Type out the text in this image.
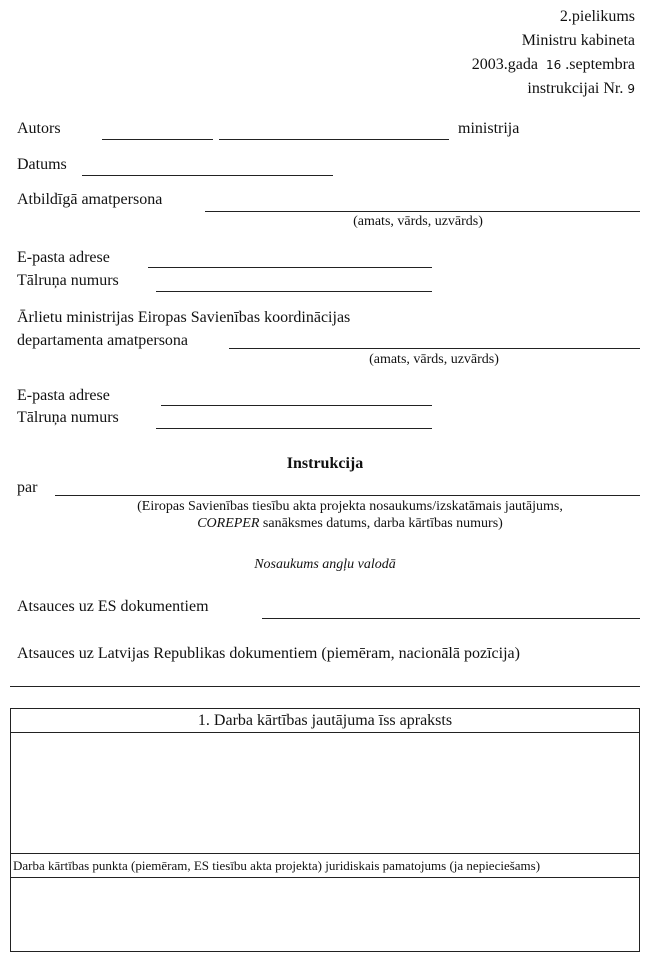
2.pielikums
Ministru kabineta
2003.gada 16 .septembra
instrukcijai Nr. 9
Autors	ministrija
Datums
Atbildīgā amatpersona
(amats, vārds, uzvārds)
E-pasta adrese
Tālruņa numurs
Ārlietu ministrijas Eiropas Savienības koordinācijas
departamenta amatpersona
(amats, vārds, uzvārds)
E-pasta adrese
Tālruņa numurs
Instrukcija
par
(Eiropas Savienības tiesību akta projekta nosaukums/izskatāmais jautājums,
COREPER sanāksmes datums, darba kārtības numurs)
Nosaukums angļu valodā
Atsauces uz ES dokumentiem
Atsauces uz Latvijas Republikas dokumentiem (piemēram, nacionālā pozīcija)
1. Darba kārtības jautājuma īss apraksts

Darba kārtības punkta (piemēram, ES tiesību akta projekta) juridiskais pamatojums (ja nepieciešams)
